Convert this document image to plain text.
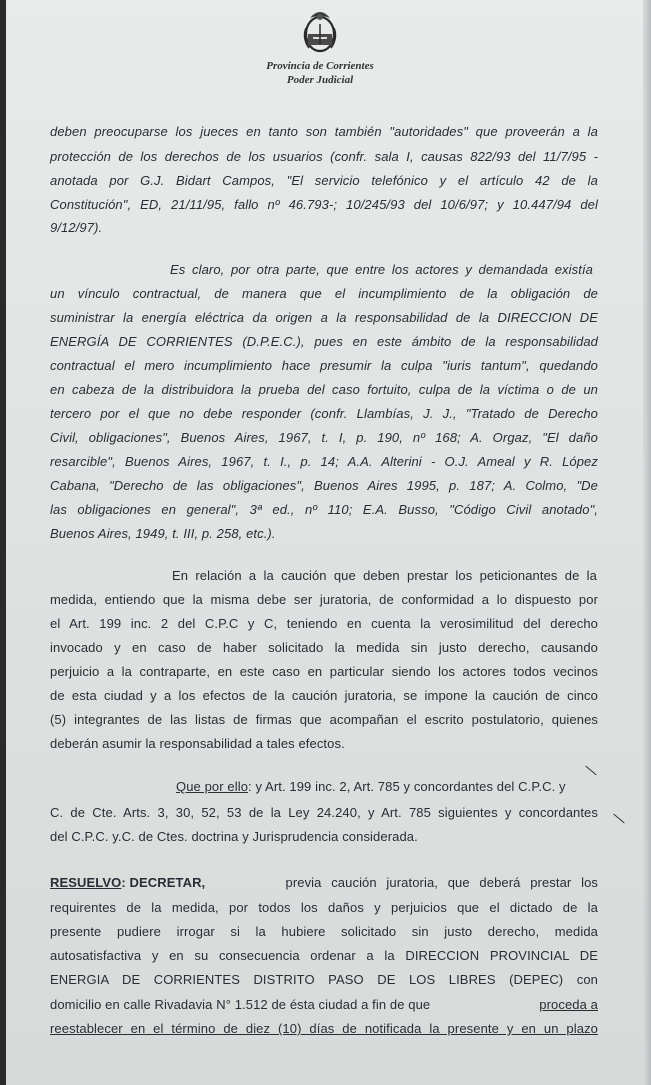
Provincia de Corrientes
Poder Judicial
deben preocuparse los jueces en tanto son también "autoridades" que proveerán a la
protección de los derechos de los usuarios (confr. sala I, causas 822/93 del 11/7/95 -
anotada por G.J. Bidart Campos, "El servicio telefónico y el artículo 42 de la
Constitución", ED, 21/11/95, fallo nº 46.793-; 10/245/93 del 10/6/97; y 10.447/94 del
9/12/97).
Es claro, por otra parte, que entre los actores y demandada existía
un vínculo contractual, de manera que el incumplimiento de la obligación de
suministrar la energía eléctrica da origen a la responsabilidad de la DIRECCION DE
ENERGÍA DE CORRIENTES (D.P.E.C.), pues en este ámbito de la responsabilidad
contractual el mero incumplimiento hace presumir la culpa "iuris tantum", quedando
en cabeza de la distribuidora la prueba del caso fortuito, culpa de la víctima o de un
tercero por el que no debe responder (confr. Llambías, J. J., "Tratado de Derecho
Civil, obligaciones", Buenos Aires, 1967, t. I, p. 190, nº 168; A. Orgaz, "El daño
resarcible", Buenos Aires, 1967, t. I., p. 14; A.A. Alterini - O.J. Ameal y R. López
Cabana, "Derecho de las obligaciones", Buenos Aires 1995, p. 187; A. Colmo, "De
las obligaciones en general", 3ª ed., nº 110; E.A. Busso, "Código Civil anotado",
Buenos Aires, 1949, t. III, p. 258, etc.).
En relación a la caución que deben prestar los peticionantes de la
medida, entiendo que la misma debe ser juratoria, de conformidad a lo dispuesto por
el Art. 199 inc. 2 del C.P.C y C, teniendo en cuenta la verosimilitud del derecho
invocado y en caso de haber solicitado la medida sin justo derecho, causando
perjuicio a la contraparte, en este caso en particular siendo los actores todos vecinos
de esta ciudad y a los efectos de la caución juratoria, se impone la caución de cinco
(5) integrantes de las listas de firmas que acompañan el escrito postulatorio, quienes
deberán asumir la responsabilidad a tales efectos.
Que por ello: y Art. 199 inc. 2, Art. 785 y concordantes del C.P.C. y
C. de Cte. Arts. 3, 30, 52, 53 de la Ley 24.240, y Art. 785 siguientes y concordantes
del C.P.C. y.C. de Ctes. doctrina y Jurisprudencia considerada.
RESUELVO: DECRETAR,	previa caución juratoria, que deberá prestar los
requirentes de la medida, por todos los daños y perjuicios que el dictado de la
presente pudiere irrogar si la hubiere solicitado sin justo derecho, medida
autosatisfactiva y en su consecuencia ordenar a la DIRECCION PROVINCIAL DE
ENERGIA DE CORRIENTES DISTRITO PASO DE LOS LIBRES (DEPEC) con
domicilio en calle Rivadavia N° 1.512 de ésta ciudad a fin de que	proceda a
reestablecer en el término de diez (10) días de notificada la presente y en un plazo
